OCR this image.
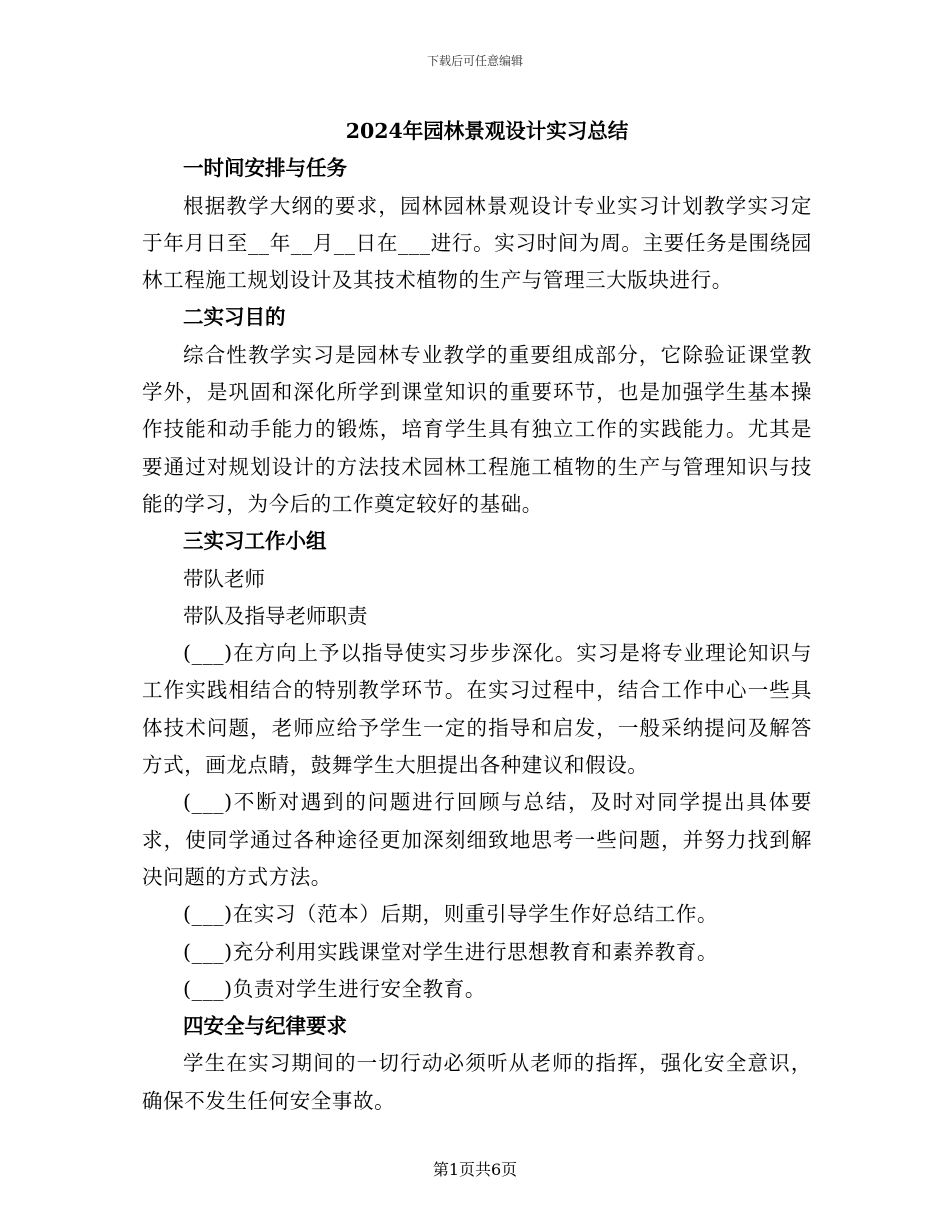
下载后可任意编辑
2024年园林景观设计实习总结
一时间安排与任务
根据教学大纲的要求，园林园林景观设计专业实习计划教学实习定于年月日至__年__月__日在___进行。实习时间为周。主要任务是围绕园林工程施工规划设计及其技术植物的生产与管理三大版块进行。
二实习目的
综合性教学实习是园林专业教学的重要组成部分，它除验证课堂教学外，是巩固和深化所学到课堂知识的重要环节，也是加强学生基本操作技能和动手能力的锻炼，培育学生具有独立工作的实践能力。尤其是要通过对规划设计的方法技术园林工程施工植物的生产与管理知识与技能的学习，为今后的工作奠定较好的基础。
三实习工作小组
带队老师
带队及指导老师职责
(___)在方向上予以指导使实习步步深化。实习是将专业理论知识与工作实践相结合的特别教学环节。在实习过程中，结合工作中心一些具体技术问题，老师应给予学生一定的指导和启发，一般采纳提问及解答方式，画龙点睛，鼓舞学生大胆提出各种建议和假设。
(___)不断对遇到的问题进行回顾与总结，及时对同学提出具体要求，使同学通过各种途径更加深刻细致地思考一些问题，并努力找到解决问题的方式方法。
(___)在实习（范本）后期，则重引导学生作好总结工作。
(___)充分利用实践课堂对学生进行思想教育和素养教育。
(___)负责对学生进行安全教育。
四安全与纪律要求
学生在实习期间的一切行动必须听从老师的指挥，强化安全意识，确保不发生任何安全事故。
第1页共6页
